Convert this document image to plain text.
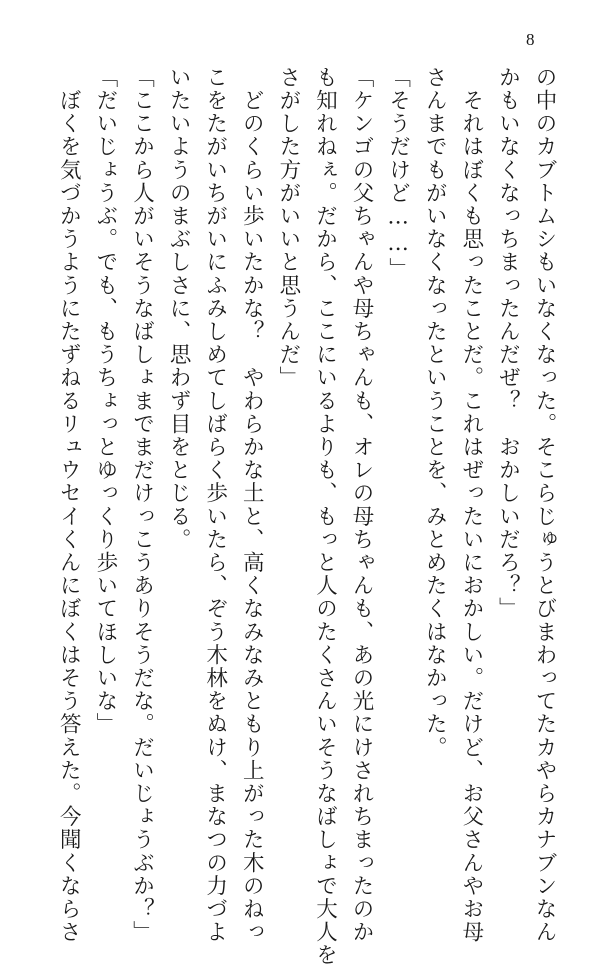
8

の中のカブトムシもいなくなった。そこらじゅうとびまわってたカやらカナブンなん

かもいなくなっちまったんだぜ？　おかしいだろ？」

　それはぼくも思ったことだ。これはぜったいにおかしい。だけど、お父さんやお母

さんまでもがいなくなったということを、みとめたくはなかった。

「そうだけど……」

「ケンゴの父ちゃんや母ちゃんも、オレの母ちゃんも、あの光にけされちまったのか

も知れねぇ。だから、ここにいるよりも、もっと人のたくさんいそうなばしょで大人を

さがした方がいいと思うんだ」

　どのくらい歩いたかな？　やわらかな土と、高くなみなみともり上がった木のねっ

こをたがいちがいにふみしめてしばらく歩いたら、ぞう木林をぬけ、まなつの力づよ

いたいようのまぶしさに、思わず目をとじる。

「ここから人がいそうなばしょまでまだけっこうありそうだな。だいじょうぶか？」

「だいじょうぶ。でも、もうちょっとゆっくり歩いてほしいな」

　ぼくを気づかうようにたずねるリュウセイくんにぼくはそう答えた。今聞くならさ
